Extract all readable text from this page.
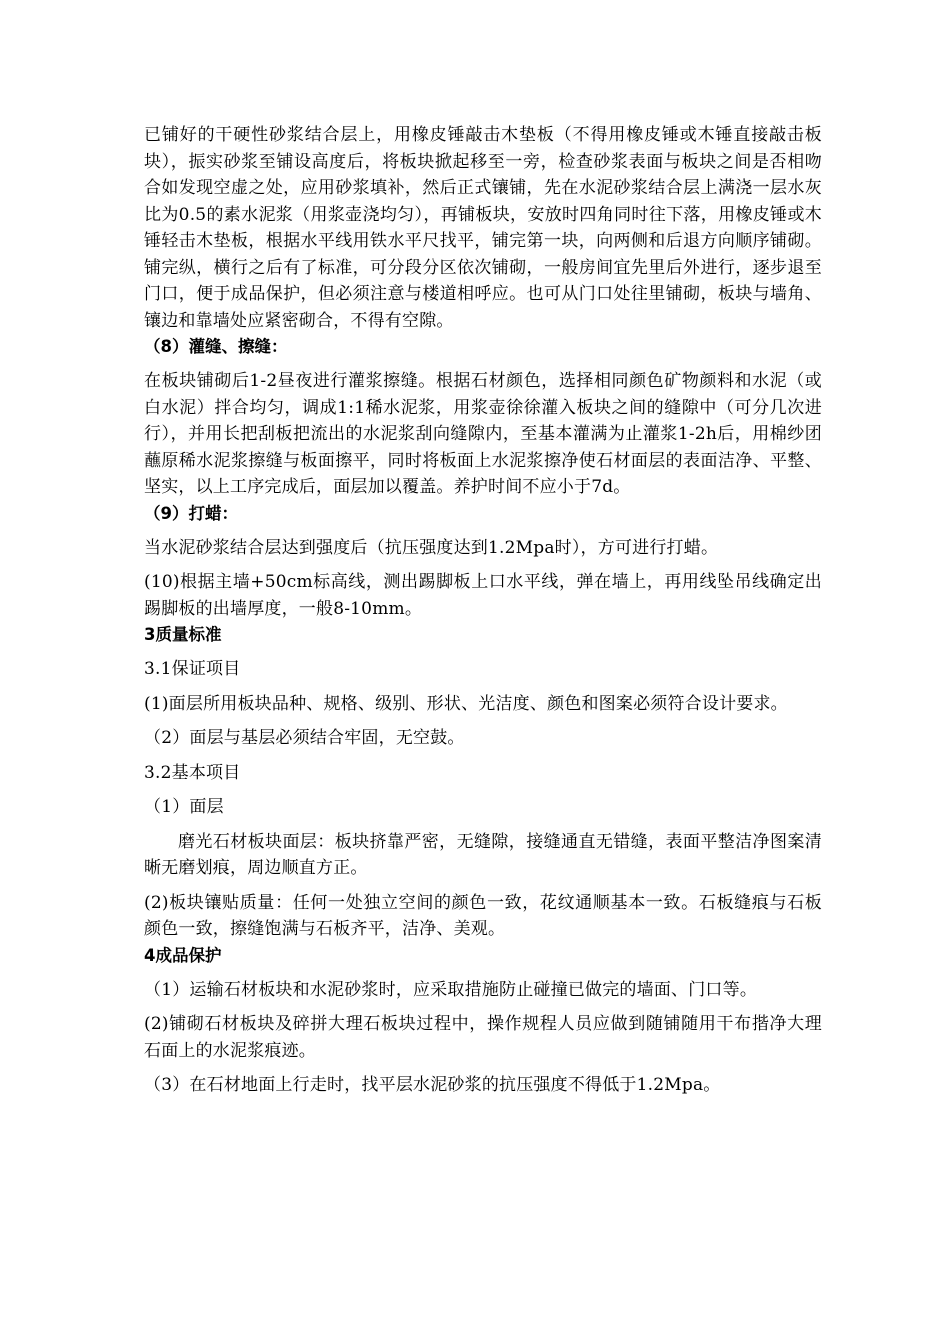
已铺好的干硬性砂浆结合层上，用橡皮锤敲击木垫板（不得用橡皮锤或木锤直接敲击板块），振实砂浆至铺设高度后，将板块掀起移至一旁，检查砂浆表面与板块之间是否相吻合如发现空虚之处，应用砂浆填补，然后正式镶铺，先在水泥砂浆结合层上满浇一层水灰比为0.5的素水泥浆（用浆壶浇均匀），再铺板块，安放时四角同时往下落，用橡皮锤或木锤轻击木垫板，根据水平线用铁水平尺找平，铺完第一块，向两侧和后退方向顺序铺砌。铺完纵，横行之后有了标准，可分段分区依次铺砌，一般房间宜先里后外进行，逐步退至门口，便于成品保护，但必须注意与楼道相呼应。也可从门口处往里铺砌，板块与墙角、镶边和靠墙处应紧密砌合，不得有空隙。

（8）灌缝、擦缝：

在板块铺砌后1-2昼夜进行灌浆擦缝。根据石材颜色，选择相同颜色矿物颜料和水泥（或白水泥）拌合均匀，调成1:1稀水泥浆，用浆壶徐徐灌入板块之间的缝隙中（可分几次进行），并用长把刮板把流出的水泥浆刮向缝隙内，至基本灌满为止灌浆1-2h后，用棉纱团蘸原稀水泥浆擦缝与板面擦平，同时将板面上水泥浆擦净使石材面层的表面洁净、平整、坚实，以上工序完成后，面层加以覆盖。养护时间不应小于7d。

（9）打蜡：

当水泥砂浆结合层达到强度后（抗压强度达到1.2Mpa时），方可进行打蜡。

(10)根据主墙+50cm标高线，测出踢脚板上口水平线，弹在墙上，再用线坠吊线确定出踢脚板的出墙厚度，一般8-10mm。

3质量标准

3.1保证项目

(1)面层所用板块品种、规格、级别、形状、光洁度、颜色和图案必须符合设计要求。

（2）面层与基层必须结合牢固，无空鼓。

3.2基本项目

（1）面层

磨光石材板块面层：板块挤靠严密，无缝隙，接缝通直无错缝，表面平整洁净图案清晰无磨划痕，周边顺直方正。

(2)板块镶贴质量：任何一处独立空间的颜色一致，花纹通顺基本一致。石板缝痕与石板颜色一致，擦缝饱满与石板齐平，洁净、美观。

4成品保护

（1）运输石材板块和水泥砂浆时，应采取措施防止碰撞已做完的墙面、门口等。

(2)铺砌石材板块及碎拼大理石板块过程中，操作规程人员应做到随铺随用干布揩净大理石面上的水泥浆痕迹。

（3）在石材地面上行走时，找平层水泥砂浆的抗压强度不得低于1.2Mpa。
